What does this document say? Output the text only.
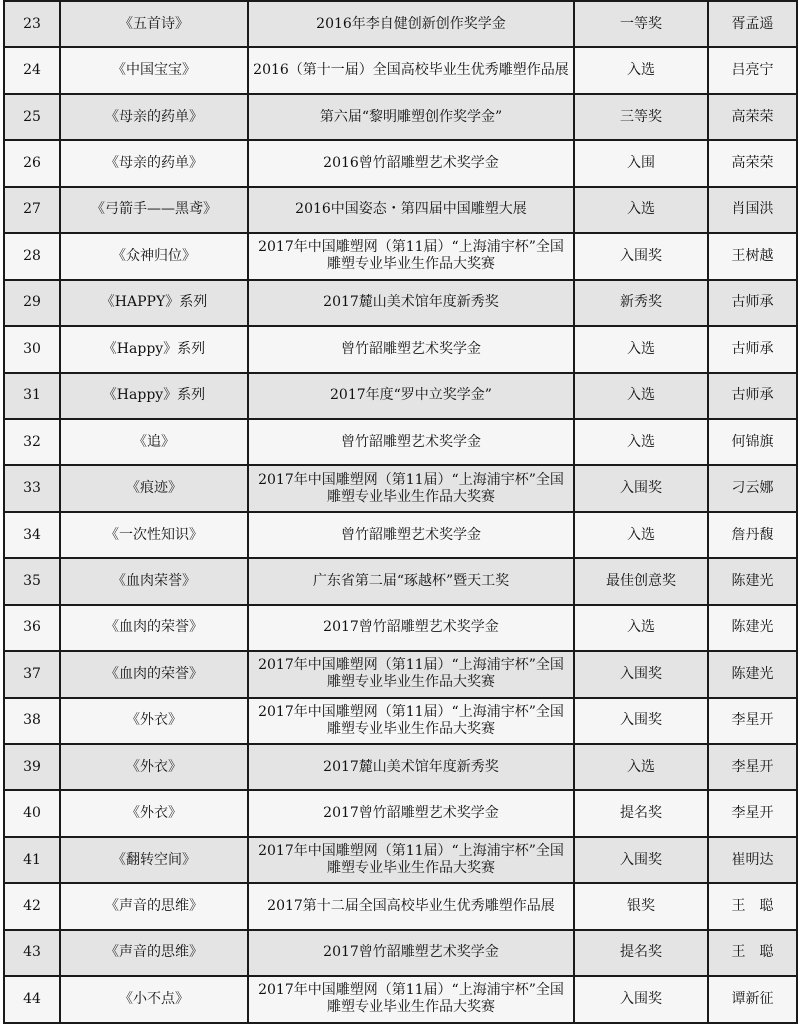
23	《五首诗》	2016年李自健创新创作奖学金	一等奖	胥孟遥
24	《中国宝宝》	2016（第十一届）全国高校毕业生优秀雕塑作品展	入选	吕亮宁
25	《母亲的药单》	第六届“黎明雕塑创作奖学金”	三等奖	高荣荣
26	《母亲的药单》	2016曾竹韶雕塑艺术奖学金	入围	高荣荣
27	《弓箭手——黑鸢》	2016中国姿态・第四届中国雕塑大展	入选	肖国洪
28	《众神归位》	2017年中国雕塑网（第11届）“上海浦宇杯”全国雕塑专业毕业生作品大奖赛	入围奖	王树越
29	《HAPPY》系列	2017麓山美术馆年度新秀奖	新秀奖	古师承
30	《Happy》系列	曾竹韶雕塑艺术奖学金	入选	古师承
31	《Happy》系列	2017年度“罗中立奖学金”	入选	古师承
32	《追》	曾竹韶雕塑艺术奖学金	入选	何锦旗
33	《痕迹》	2017年中国雕塑网（第11届）“上海浦宇杯”全国雕塑专业毕业生作品大奖赛	入围奖	刁云娜
34	《一次性知识》	曾竹韶雕塑艺术奖学金	入选	詹丹馥
35	《血肉荣誉》	广东省第二届“琢越杯”暨天工奖	最佳创意奖	陈建光
36	《血肉的荣誉》	2017曾竹韶雕塑艺术奖学金	入选	陈建光
37	《血肉的荣誉》	2017年中国雕塑网（第11届）“上海浦宇杯”全国雕塑专业毕业生作品大奖赛	入围奖	陈建光
38	《外衣》	2017年中国雕塑网（第11届）“上海浦宇杯”全国雕塑专业毕业生作品大奖赛	入围奖	李星开
39	《外衣》	2017麓山美术馆年度新秀奖	入选	李星开
40	《外衣》	2017曾竹韶雕塑艺术奖学金	提名奖	李星开
41	《翻转空间》	2017年中国雕塑网（第11届）“上海浦宇杯”全国雕塑专业毕业生作品大奖赛	入围奖	崔明达
42	《声音的思维》	2017第十二届全国高校毕业生优秀雕塑作品展	银奖	王　聪
43	《声音的思维》	2017曾竹韶雕塑艺术奖学金	提名奖	王　聪
44	《小不点》	2017年中国雕塑网（第11届）“上海浦宇杯”全国雕塑专业毕业生作品大奖赛	入围奖	谭新征
